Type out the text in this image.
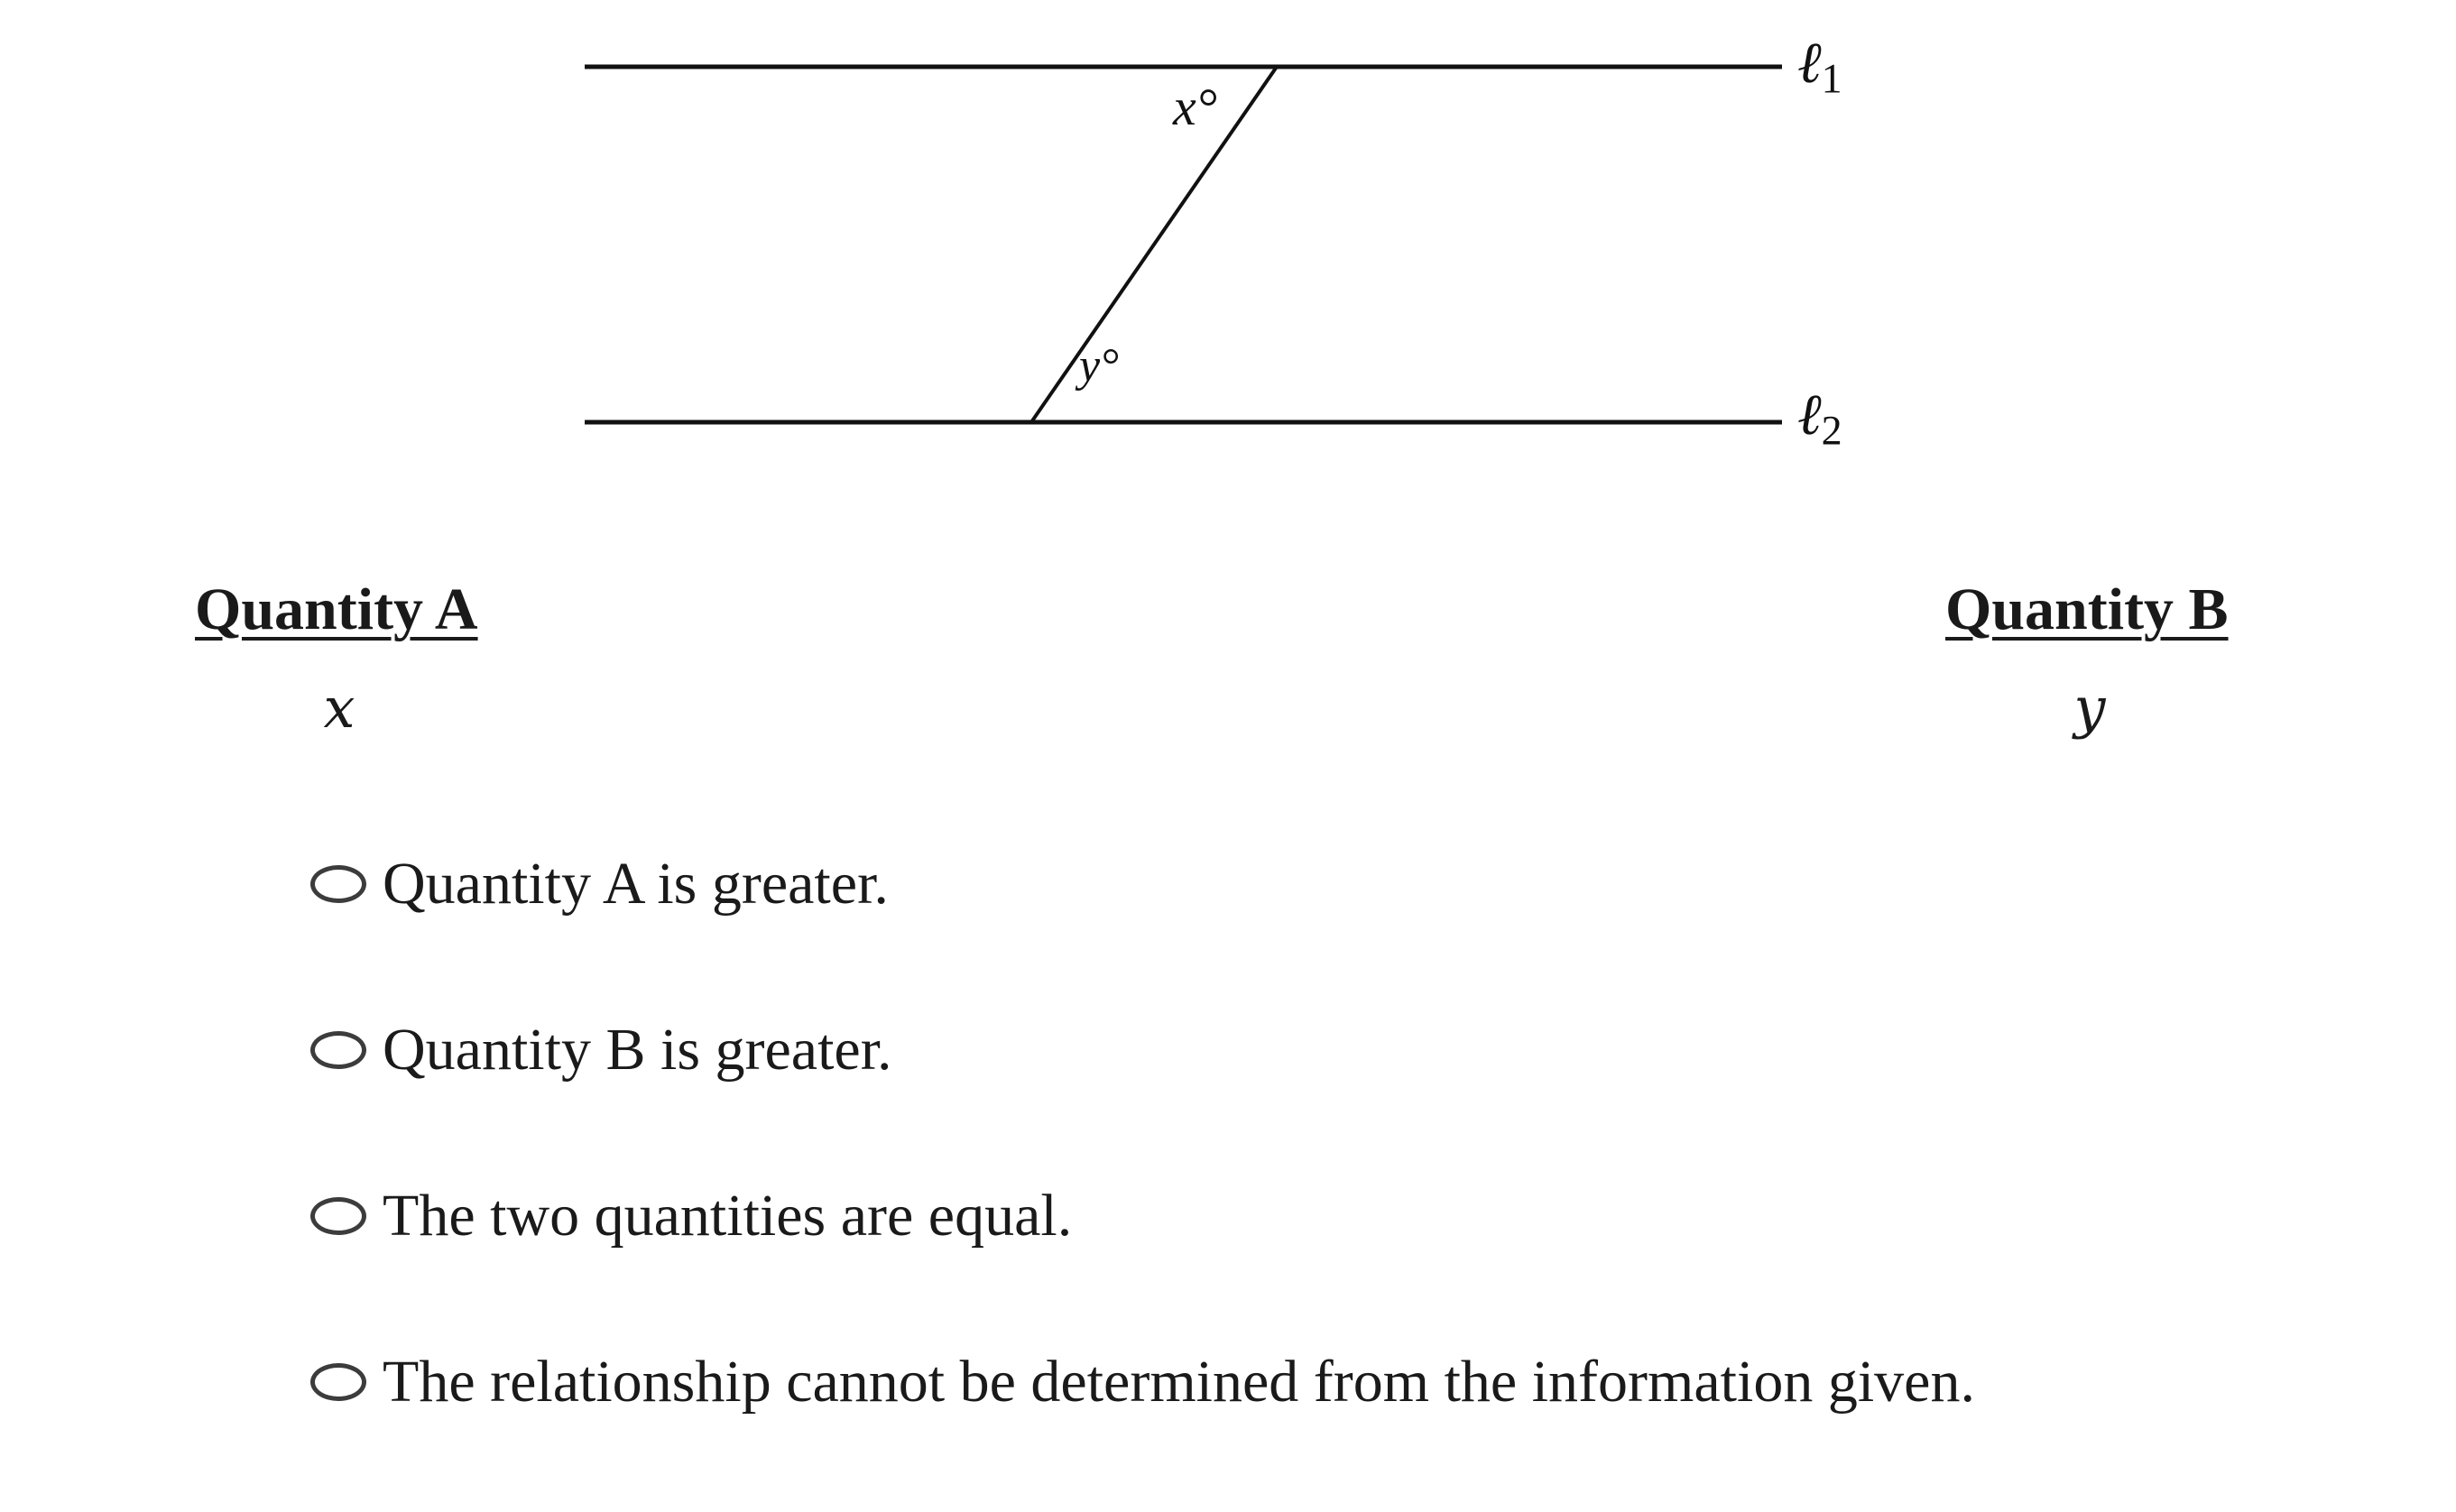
x°
y°
ℓ$_1$
ℓ$_2$
Quantity A
x
Quantity B
y
Quantity A is greater.
Quantity B is greater.
The two quantities are equal.
The relationship cannot be determined from the information given.
